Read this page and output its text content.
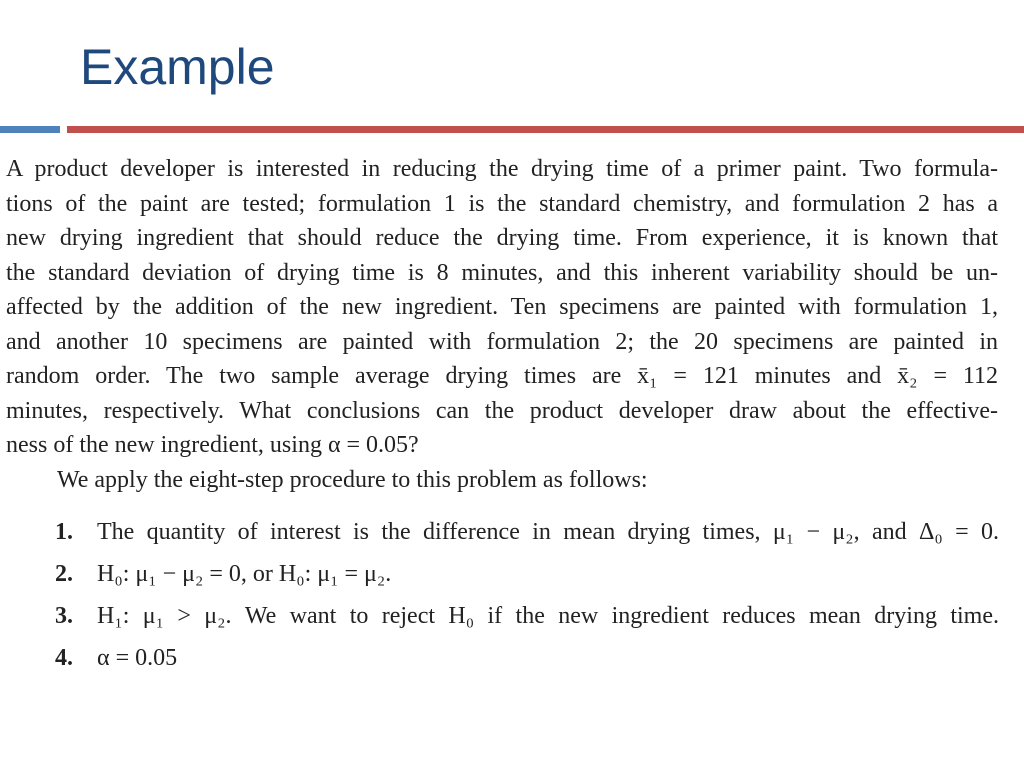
Example
A product developer is interested in reducing the drying time of a primer paint. Two formula-
tions of the paint are tested; formulation 1 is the standard chemistry, and formulation 2 has a
new drying ingredient that should reduce the drying time. From experience, it is known that
the standard deviation of drying time is 8 minutes, and this inherent variability should be un-
affected by the addition of the new ingredient. Ten specimens are painted with formulation 1,
and another 10 specimens are painted with formulation 2; the 20 specimens are painted in
random order. The two sample average drying times are x̄₁ = 121 minutes and x̄₂ = 112
minutes, respectively. What conclusions can the product developer draw about the effective-
ness of the new ingredient, using α = 0.05?
We apply the eight-step procedure to this problem as follows:
1. The quantity of interest is the difference in mean drying times, μ₁ − μ₂, and Δ₀ = 0.
2. H₀: μ₁ − μ₂ = 0, or H₀: μ₁ = μ₂.
3. H₁: μ₁ > μ₂. We want to reject H₀ if the new ingredient reduces mean drying time.
4. α = 0.05
